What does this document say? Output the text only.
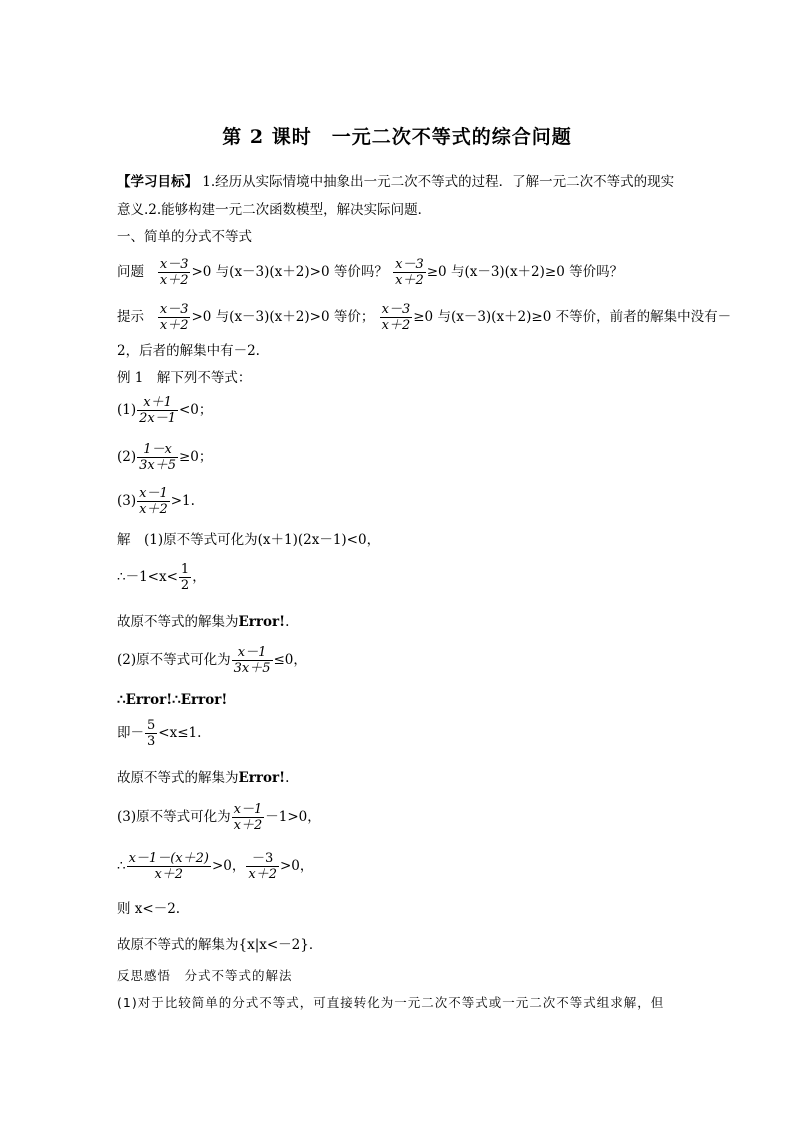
第 2 课时　一元二次不等式的综合问题
【学习目标】 1.经历从实际情境中抽象出一元二次不等式的过程．了解一元二次不等式的现实
意义.2.能够构建一元二次函数模型，解决实际问题．
一、简单的分式不等式
问题 $\frac{x-3}{x+2} >0$ 与(x－3)(x＋2)>0 等价吗？ $\frac{x-3}{x+2} \ge 0$ 与(x－3)(x＋2)≥0 等价吗？
提示 $\frac{x-3}{x+2} >0$ 与(x－3)(x＋2)>0 等价； $\frac{x-3}{x+2} \ge 0$ 与(x－3)(x＋2)≥0 不等价，前者的解集中没有－
2，后者的解集中有－2.
例 1　解下列不等式：
$(1) \frac{x+1}{2x-1} <0$；
$(2) \frac{1-x}{3x+5} \ge 0$；
$(3) \frac{x-1}{x+2} >1$.
解　(1)原不等式可化为(x＋1)(2x－1)<0，
∴－1<x< $\frac{1}{2}$ ，
故原不等式的解集为Error!.
(2)原不等式可化为 $\frac{x-1}{3x+5} \le 0$，
∴Error!∴Error!
即－ $\frac{5}{3} <x\le 1$.
故原不等式的解集为Error!.
(3)原不等式可化为 $\frac{x-1}{x+2} -1>0$，
∴ $\frac{x-1-(x+2)}{x+2} >0$， $\frac{-3}{x+2} >0$，
则 x<－2.
故原不等式的解集为{x|x<－2}．
反思感悟　分式不等式的解法
(1)对于比较简单的分式不等式，可直接转化为一元二次不等式或一元二次不等式组求解，但
